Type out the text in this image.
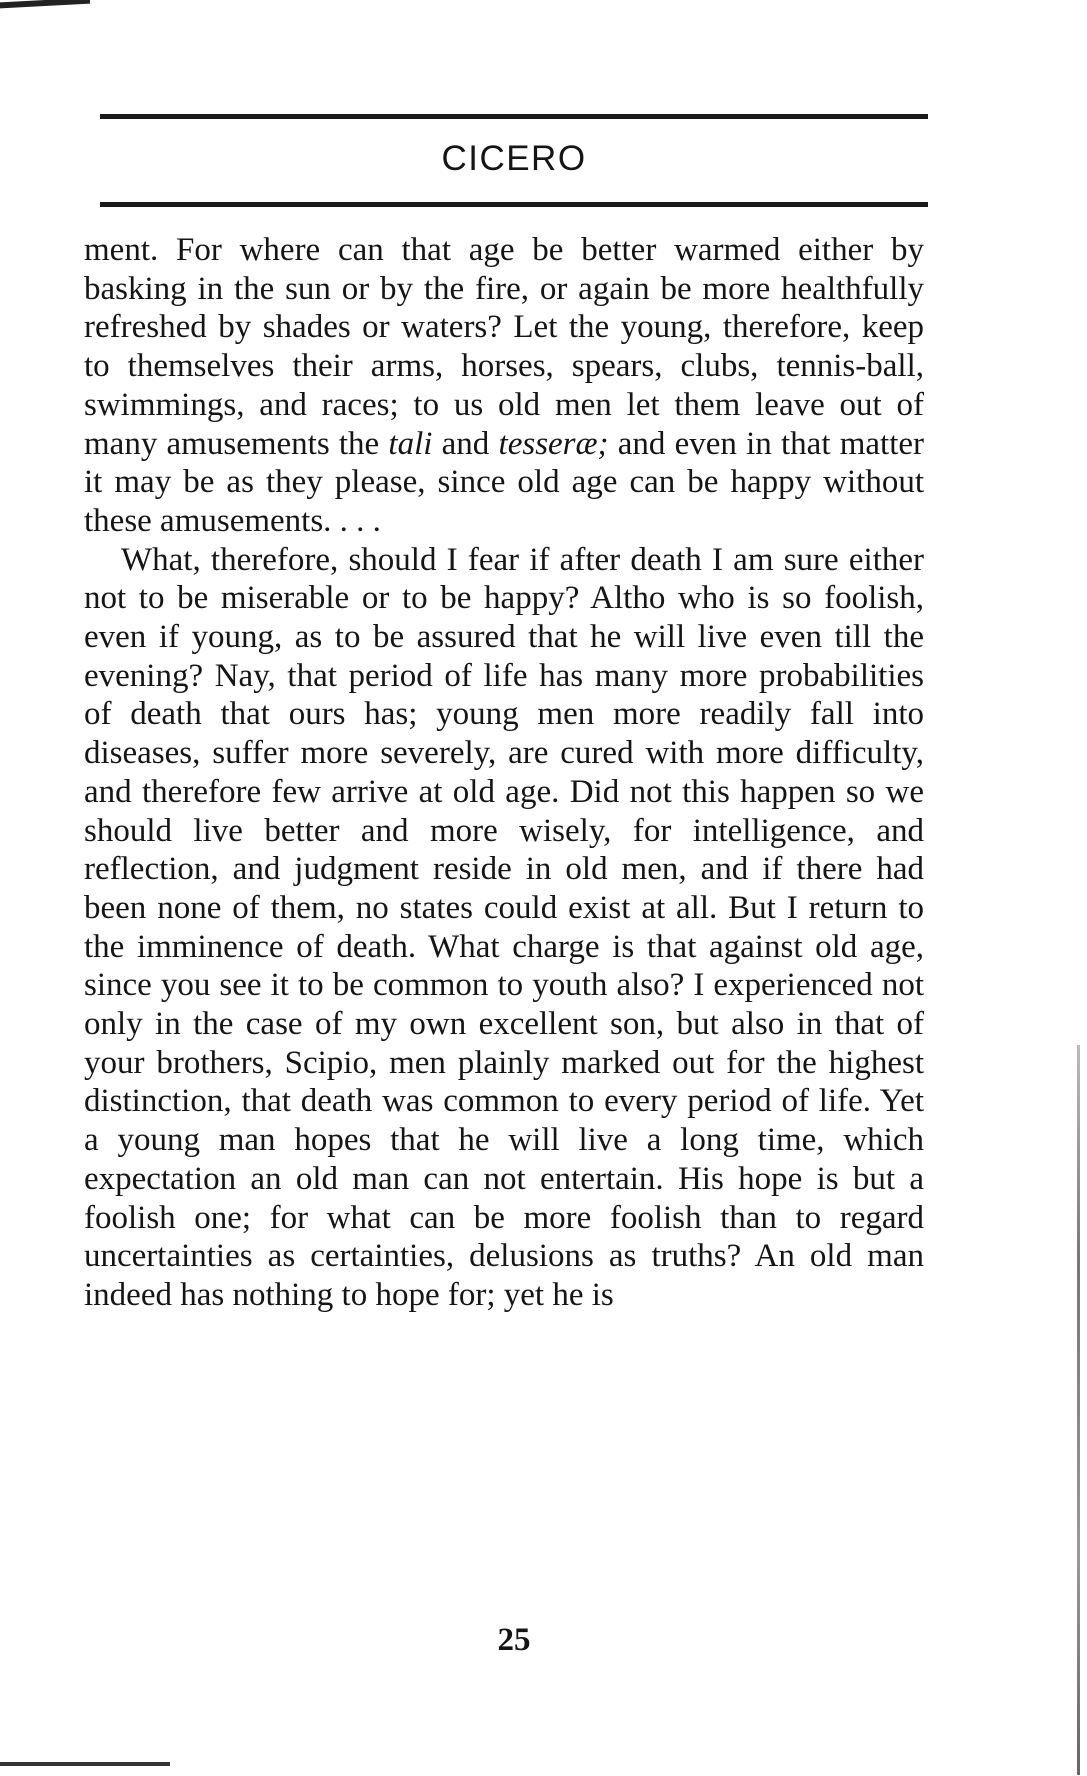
CICERO

ment. For where can that age be better warmed either by basking in the sun or by the fire, or again be more healthfully refreshed by shades or waters? Let the young, therefore, keep to themselves their arms, horses, spears, clubs, tennis-ball, swimmings, and races; to us old men let them leave out of many amusements the tali and tesseræ; and even in that matter it may be as they please, since old age can be happy without these amusements. . . .

What, therefore, should I fear if after death I am sure either not to be miserable or to be happy? Altho who is so foolish, even if young, as to be assured that he will live even till the evening? Nay, that period of life has many more probabilities of death that ours has; young men more readily fall into diseases, suffer more severely, are cured with more difficulty, and therefore few arrive at old age. Did not this happen so we should live better and more wisely, for intelligence, and reflection, and judgment reside in old men, and if there had been none of them, no states could exist at all. But I return to the imminence of death. What charge is that against old age, since you see it to be common to youth also? I experienced not only in the case of my own excellent son, but also in that of your brothers, Scipio, men plainly marked out for the highest distinction, that death was common to every period of life. Yet a young man hopes that he will live a long time, which expectation an old man can not entertain. His hope is but a foolish one; for what can be more foolish than to regard uncertainties as certainties, delusions as truths? An old man indeed has nothing to hope for; yet he is

25
